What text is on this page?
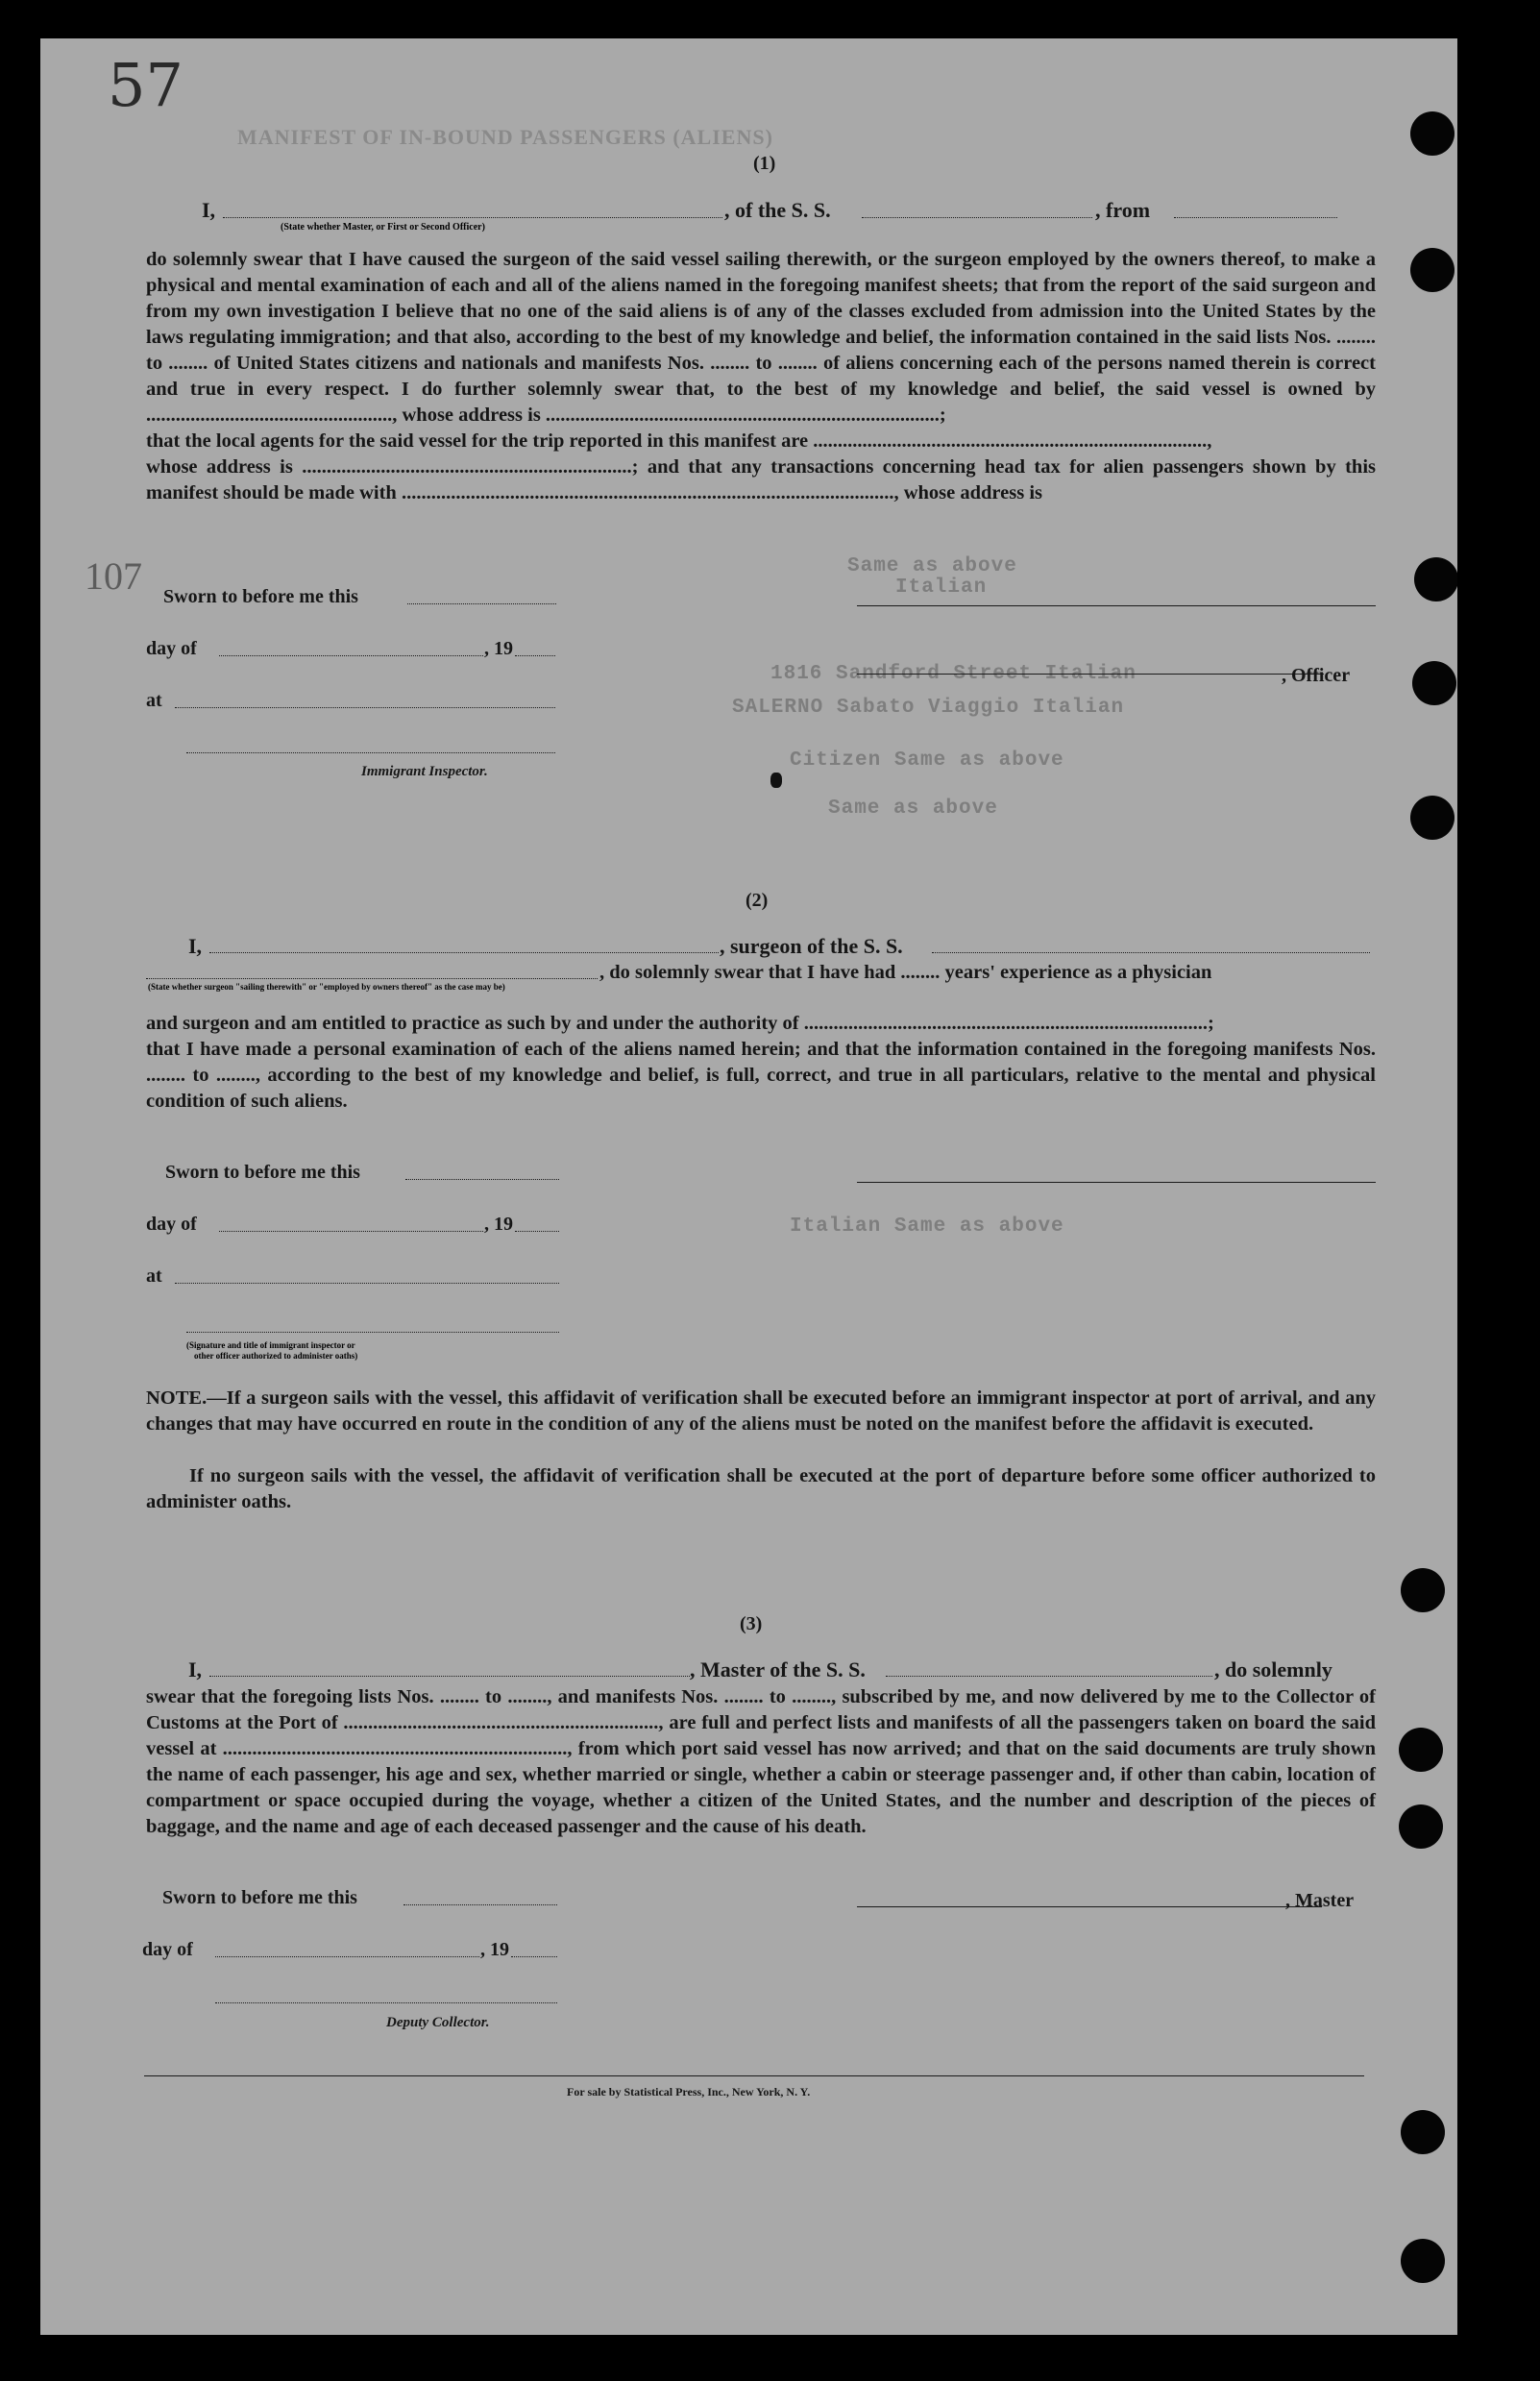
57
107
MANIFEST OF IN-BOUND PASSENGERS (ALIENS)
Same as above
Italian
SALERNO Sabato Viaggio Italian
1816 Sandford Street Italian
Citizen Same as above
Same as above
Italian Same as above
(1)
I,
(State whether Master, or First or Second Officer)
, of the S. S.	, from

do solemnly swear that I have caused the surgeon of the said vessel sailing therewith, or the surgeon employed by the owners thereof, to make a physical and mental examination of each and all of the aliens named in the foregoing manifest sheets; that from the report of the said surgeon and from my own investigation I believe that no one of the said aliens is of any of the classes excluded from admission into the United States by the laws regulating immigration; and that also, according to the best of my knowledge and belief, the information contained in the said lists Nos. ........ to ........ of United States citizens and nationals and manifests Nos. ........ to ........ of aliens concerning each of the persons named therein is correct and true in every respect. I do further solemnly swear that, to the best of my knowledge and belief, the said vessel is owned by .................................................., whose address is ................................................................................;
that the local agents for the said vessel for the trip reported in this manifest are ................................................................................,
whose address is ...................................................................; and that any transactions concerning head tax for alien passengers shown by this manifest should be made with ...................................................................................................., whose address is

Sworn to before me this
day of	, 19
at
Immigrant Inspector.
, Officer
(2)
I,	, surgeon of the S. S.
, do solemnly swear that I have had ........ years' experience as a physician
(State whether surgeon "sailing therewith" or "employed by owners thereof" as the case may be)

and surgeon and am entitled to practice as such by and under the authority of ..................................................................................;
that I have made a personal examination of each of the aliens named herein; and that the information contained in the foregoing manifests Nos. ........ to ........, according to the best of my knowledge and belief, is full, correct, and true in all particulars, relative to the mental and physical condition of such aliens.

Sworn to before me this
day of	, 19
at
(Signature and title of immigrant inspector or
other officer authorized to administer oaths)

NOTE.—If a surgeon sails with the vessel, this affidavit of verification shall be executed before an immigrant inspector at port of arrival, and any changes that may have occurred en route in the condition of any of the aliens must be noted on the manifest before the affidavit is executed.

If no surgeon sails with the vessel, the affidavit of verification shall be executed at the port of departure before some officer authorized to administer oaths.

(3)
I,	, Master of the S. S.	, do solemnly

swear that the foregoing lists Nos. ........ to ........, and manifests Nos. ........ to ........, subscribed by me, and now delivered by me to the Collector of Customs at the Port of ................................................................, are full and perfect lists and manifests of all the passengers taken on board the said vessel at ......................................................................, from which port said vessel has now arrived; and that on the said documents are truly shown the name of each passenger, his age and sex, whether married or single, whether a cabin or steerage passenger and, if other than cabin, location of compartment or space occupied during the voyage, whether a citizen of the United States, and the number and description of the pieces of baggage, and the name and age of each deceased passenger and the cause of his death.

Sworn to before me this
day of	, 19
Deputy Collector.
, Master
For sale by Statistical Press, Inc., New York, N. Y.
